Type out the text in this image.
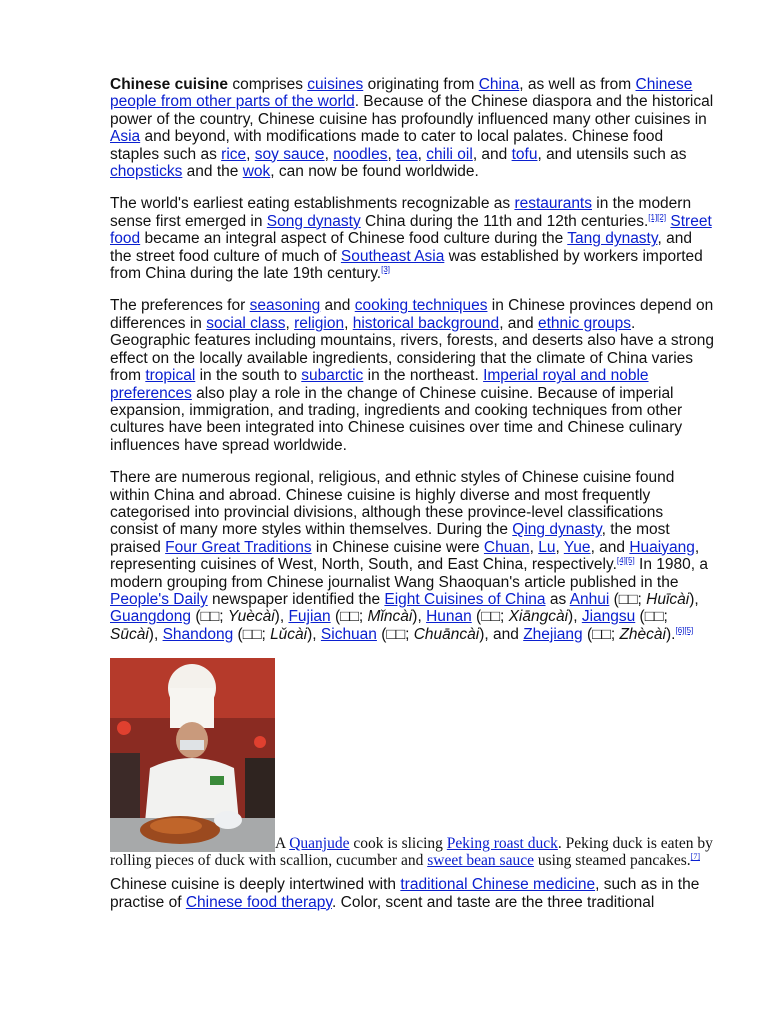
Chinese cuisine comprises cuisines originating from China, as well as from Chinese people from other parts of the world. Because of the Chinese diaspora and the historical power of the country, Chinese cuisine has profoundly influenced many other cuisines in Asia and beyond, with modifications made to cater to local palates. Chinese food staples such as rice, soy sauce, noodles, tea, chili oil, and tofu, and utensils such as chopsticks and the wok, can now be found worldwide.

The world's earliest eating establishments recognizable as restaurants in the modern sense first emerged in Song dynasty China during the 11th and 12th centuries.[1][2] Street food became an integral aspect of Chinese food culture during the Tang dynasty, and the street food culture of much of Southeast Asia was established by workers imported from China during the late 19th century.[3]

The preferences for seasoning and cooking techniques in Chinese provinces depend on differences in social class, religion, historical background, and ethnic groups. Geographic features including mountains, rivers, forests, and deserts also have a strong effect on the locally available ingredients, considering that the climate of China varies from tropical in the south to subarctic in the northeast. Imperial royal and noble preferences also play a role in the change of Chinese cuisine. Because of imperial expansion, immigration, and trading, ingredients and cooking techniques from other cultures have been integrated into Chinese cuisines over time and Chinese culinary influences have spread worldwide.

There are numerous regional, religious, and ethnic styles of Chinese cuisine found within China and abroad. Chinese cuisine is highly diverse and most frequently categorised into provincial divisions, although these province-level classifications consist of many more styles within themselves. During the Qing dynasty, the most praised Four Great Traditions in Chinese cuisine were Chuan, Lu, Yue, and Huaiyang, representing cuisines of West, North, South, and East China, respectively.[4][5] In 1980, a modern grouping from Chinese journalist Wang Shaoquan's article published in the People's Daily newspaper identified the Eight Cuisines of China as Anhui (□□; Huīcài), Guangdong (□□; Yuècài), Fujian (□□; Mǐncài), Hunan (□□; Xiāngcài), Jiangsu (□□; Sūcài), Shandong (□□; Lǔcài), Sichuan (□□; Chuāncài), and Zhejiang (□□; Zhècài).[6][5]

A Quanjude cook is slicing Peking roast duck. Peking duck is eaten by rolling pieces of duck with scallion, cucumber and sweet bean sauce using steamed pancakes.[7]

Chinese cuisine is deeply intertwined with traditional Chinese medicine, such as in the practise of Chinese food therapy. Color, scent and taste are the three traditional
